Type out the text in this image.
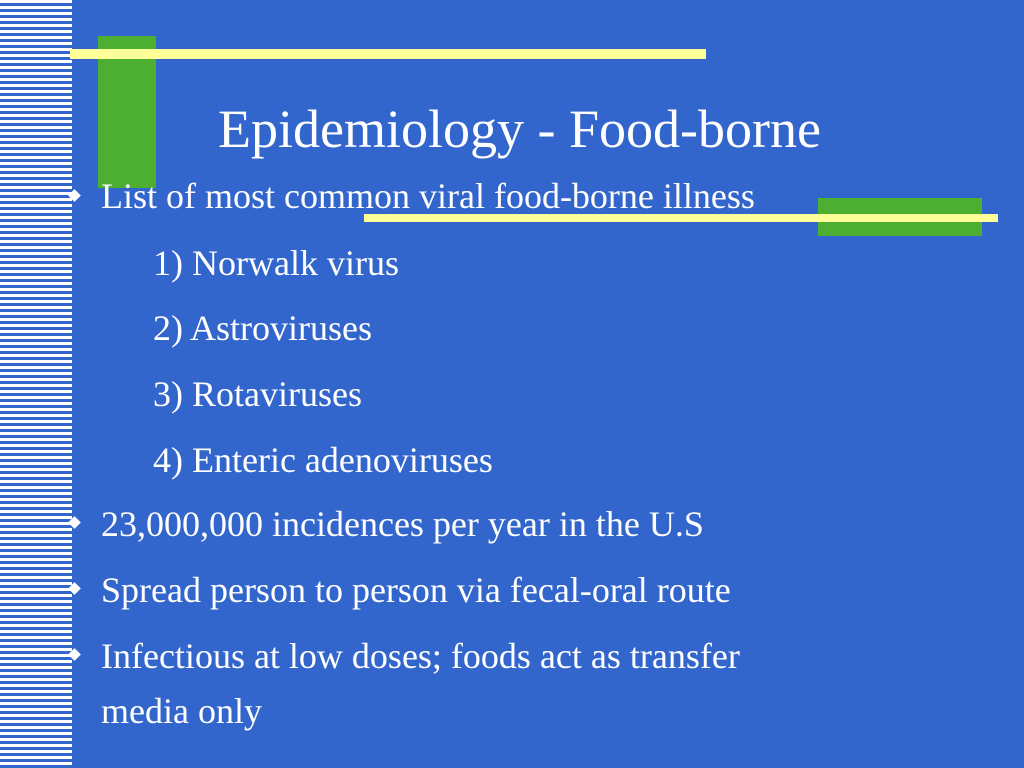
Epidemiology - Food-borne
List of most common viral food-borne illness
1) Norwalk virus
2) Astroviruses
3) Rotaviruses
4) Enteric adenoviruses
23,000,000 incidences per year in the U.S
Spread person to person via fecal-oral route
Infectious at low doses; foods act as transfer
media only
